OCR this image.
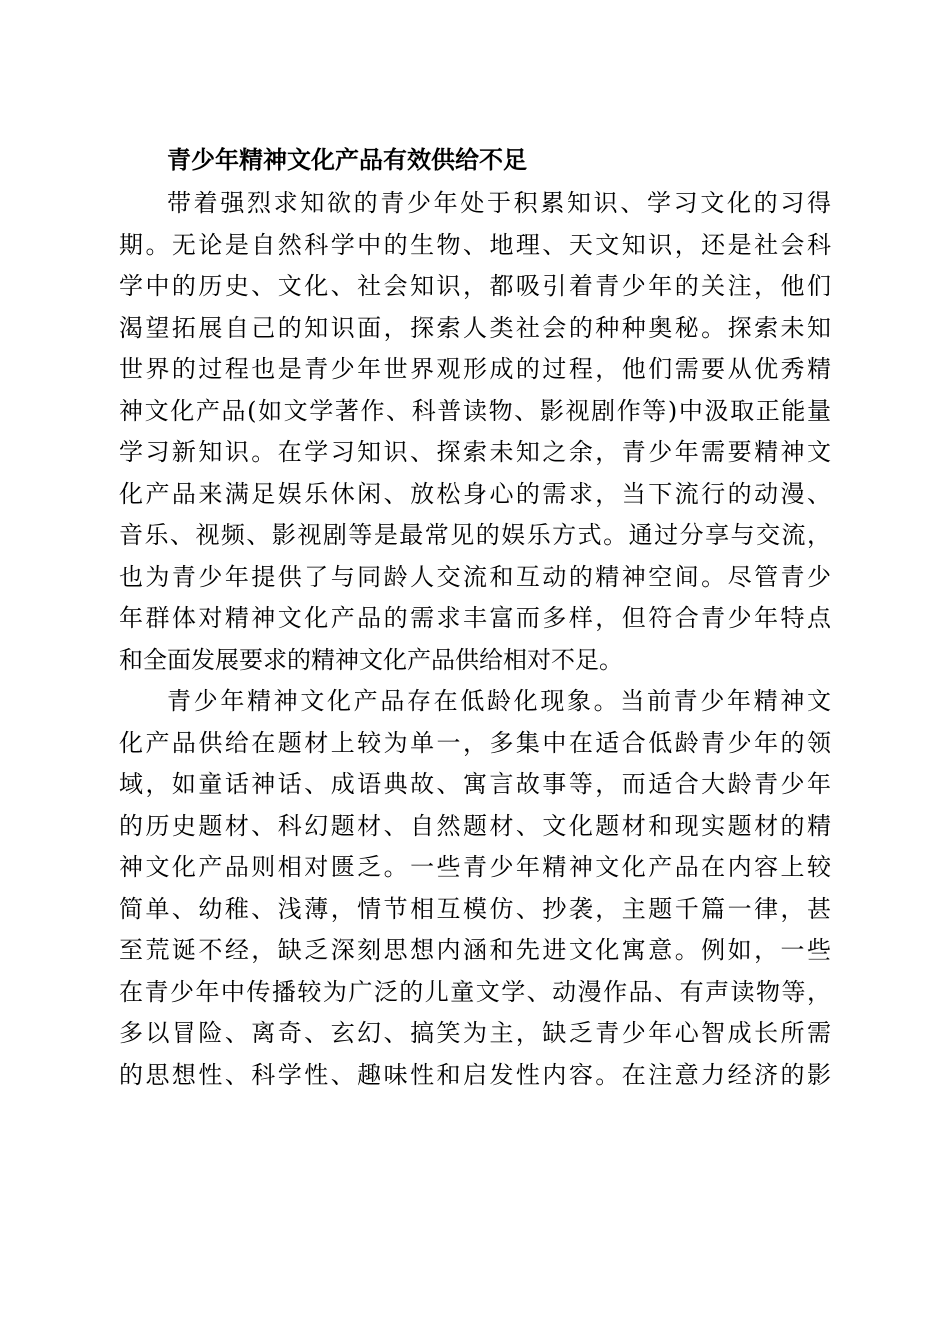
青少年精神文化产品有效供给不足
带着强烈求知欲的青少年处于积累知识、学习文化的习得
期。无论是自然科学中的生物、地理、天文知识，还是社会科
学中的历史、文化、社会知识，都吸引着青少年的关注，他们
渴望拓展自己的知识面，探索人类社会的种种奥秘。探索未知
世界的过程也是青少年世界观形成的过程，他们需要从优秀精
神文化产品(如文学著作、科普读物、影视剧作等)中汲取正能量
学习新知识。在学习知识、探索未知之余，青少年需要精神文
化产品来满足娱乐休闲、放松身心的需求，当下流行的动漫、
音乐、视频、影视剧等是最常见的娱乐方式。通过分享与交流，
也为青少年提供了与同龄人交流和互动的精神空间。尽管青少
年群体对精神文化产品的需求丰富而多样，但符合青少年特点
和全面发展要求的精神文化产品供给相对不足。
青少年精神文化产品存在低龄化现象。当前青少年精神文
化产品供给在题材上较为单一，多集中在适合低龄青少年的领
域，如童话神话、成语典故、寓言故事等，而适合大龄青少年
的历史题材、科幻题材、自然题材、文化题材和现实题材的精
神文化产品则相对匮乏。一些青少年精神文化产品在内容上较
简单、幼稚、浅薄，情节相互模仿、抄袭，主题千篇一律，甚
至荒诞不经，缺乏深刻思想内涵和先进文化寓意。例如，一些
在青少年中传播较为广泛的儿童文学、动漫作品、有声读物等，
多以冒险、离奇、玄幻、搞笑为主，缺乏青少年心智成长所需
的思想性、科学性、趣味性和启发性内容。在注意力经济的影
